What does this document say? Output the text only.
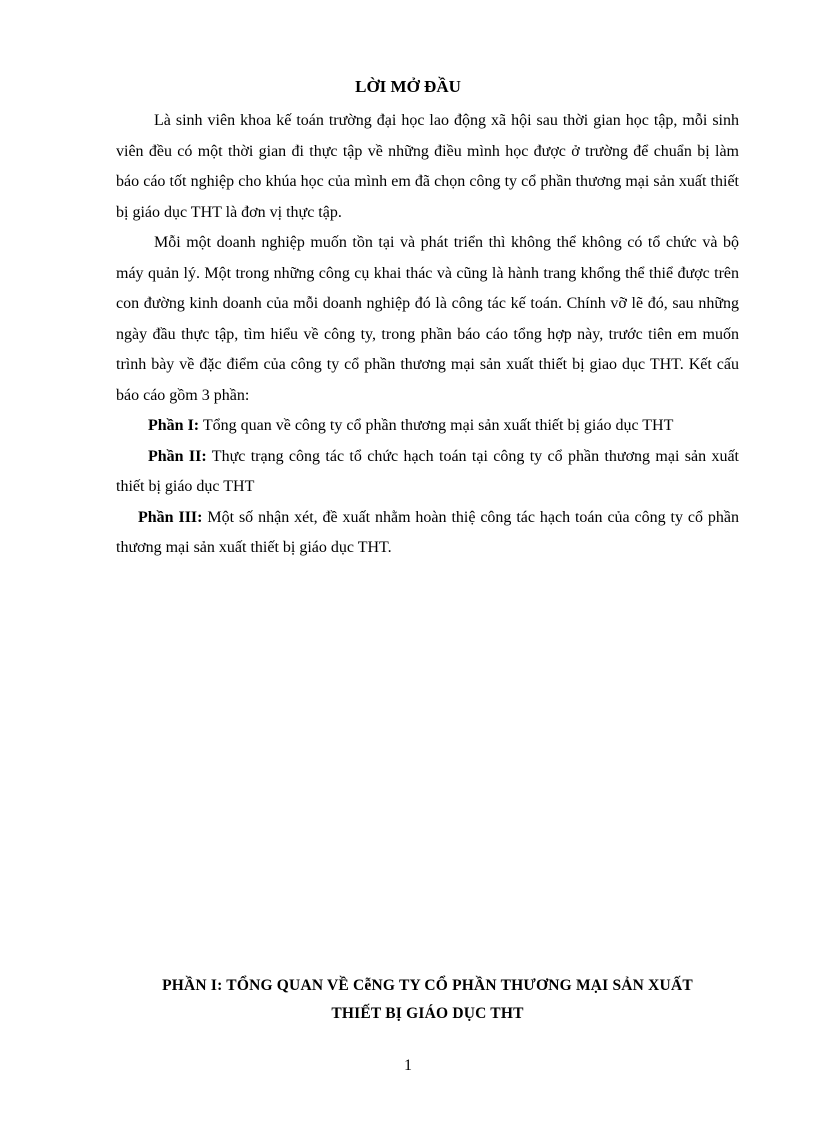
LỜI MỞ ĐẦU

Là sinh viên khoa kế toán trường đại học lao động xã hội sau thời gian học tập, mỗi sinh viên đều có một thời gian đi thực tập về những điều mình học được ở trường để chuẩn bị làm báo cáo tốt nghiệp cho khúa học của mình em đã chọn công ty cổ phần thương mại sản xuất thiết bị giáo dục THT là đơn vị thực tập.

Mỗi một doanh nghiệp muốn tồn tại và phát triển thì không thể không có tổ chức và bộ máy quản lý. Một trong những công cụ khai thác và cũng là hành trang khổng thể thiể được trên con đường kinh doanh của mỗi doanh nghiệp đó là công tác kế toán. Chính vỡ lẽ đó, sau những ngày đầu thực tập, tìm hiểu về công ty, trong phần báo cáo tổng hợp này, trước tiên em muốn trình bày về đặc điểm của công ty cổ phần thương mại sản xuất thiết bị giao dục THT. Kết cấu báo cáo gồm 3 phần:

Phần I: Tổng quan về công ty cổ phần thương mại sản xuất thiết bị giáo dục THT

Phần II: Thực trạng công tác tổ chức hạch toán tại công ty cổ phần thương mại sản xuất thiết bị giáo dục THT

Phần III: Một số nhận xét, đề xuất nhằm hoàn thiệ công tác hạch toán của công ty cổ phần thương mại sản xuất thiết bị giáo dục THT.

PHẦN I: TỔNG QUAN VỀ CễNG TY CỔ PHẦN THƯƠNG MẠI SẢN XUẤT
THIẾT BỊ GIÁO DỤC THT
1
